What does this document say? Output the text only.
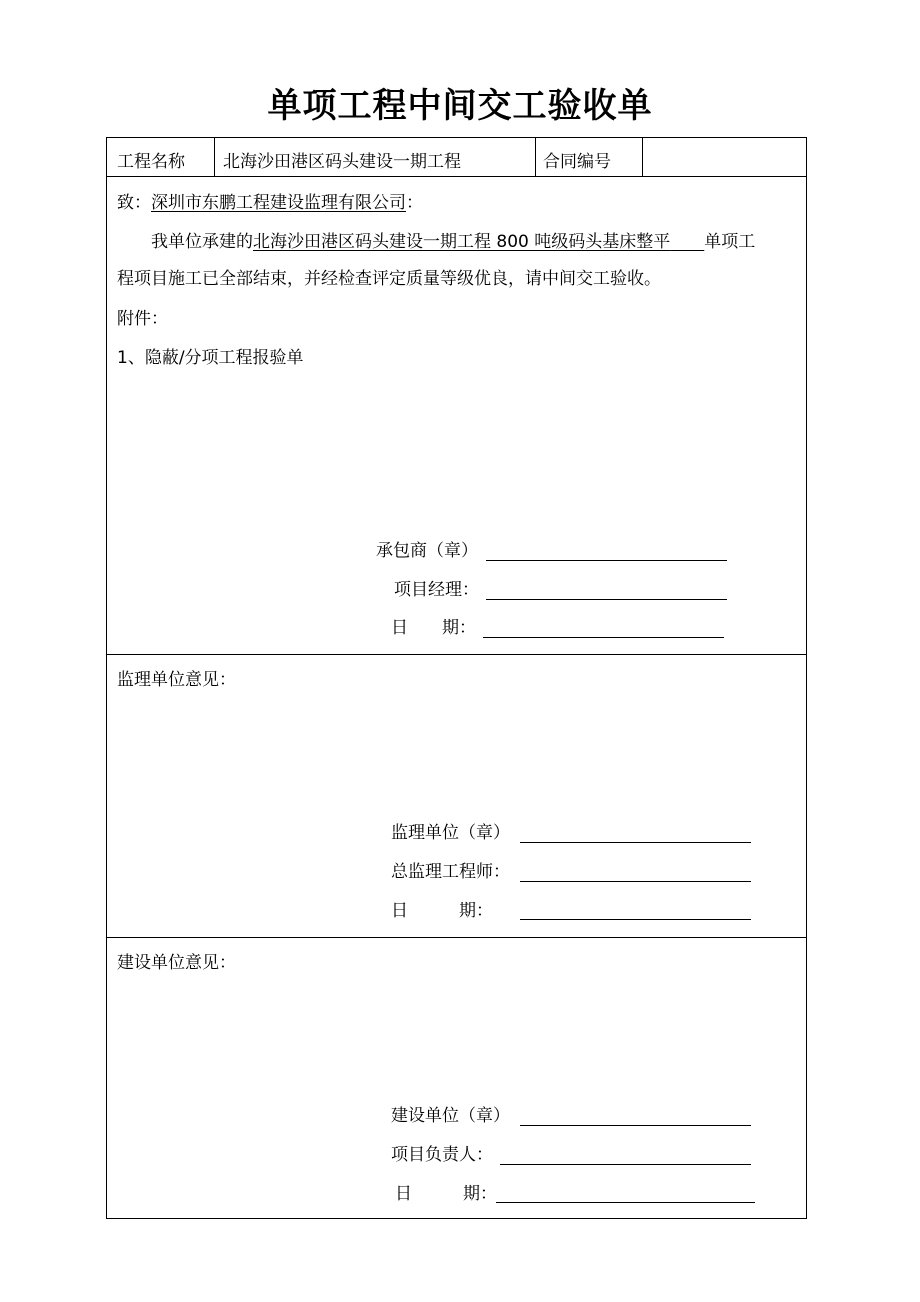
单项工程中间交工验收单
工程名称 北海沙田港区码头建设一期工程	合同编号
致：深圳市东鹏工程建设监理有限公司：
我单位承建的北海沙田港区码头建设一期工程 800 吨级码头基床整平　　 单项工
程项目施工已全部结束，并经检查评定质量等级优良，请中间交工验收。
附件：
1、隐蔽/分项工程报验单
承包商（章）
项目经理：
日　　期：
监理单位意见：
监理单位（章）
总监理工程师：
日　　　期：
建设单位意见：
建设单位（章）
项目负责人：
日　　　期：
